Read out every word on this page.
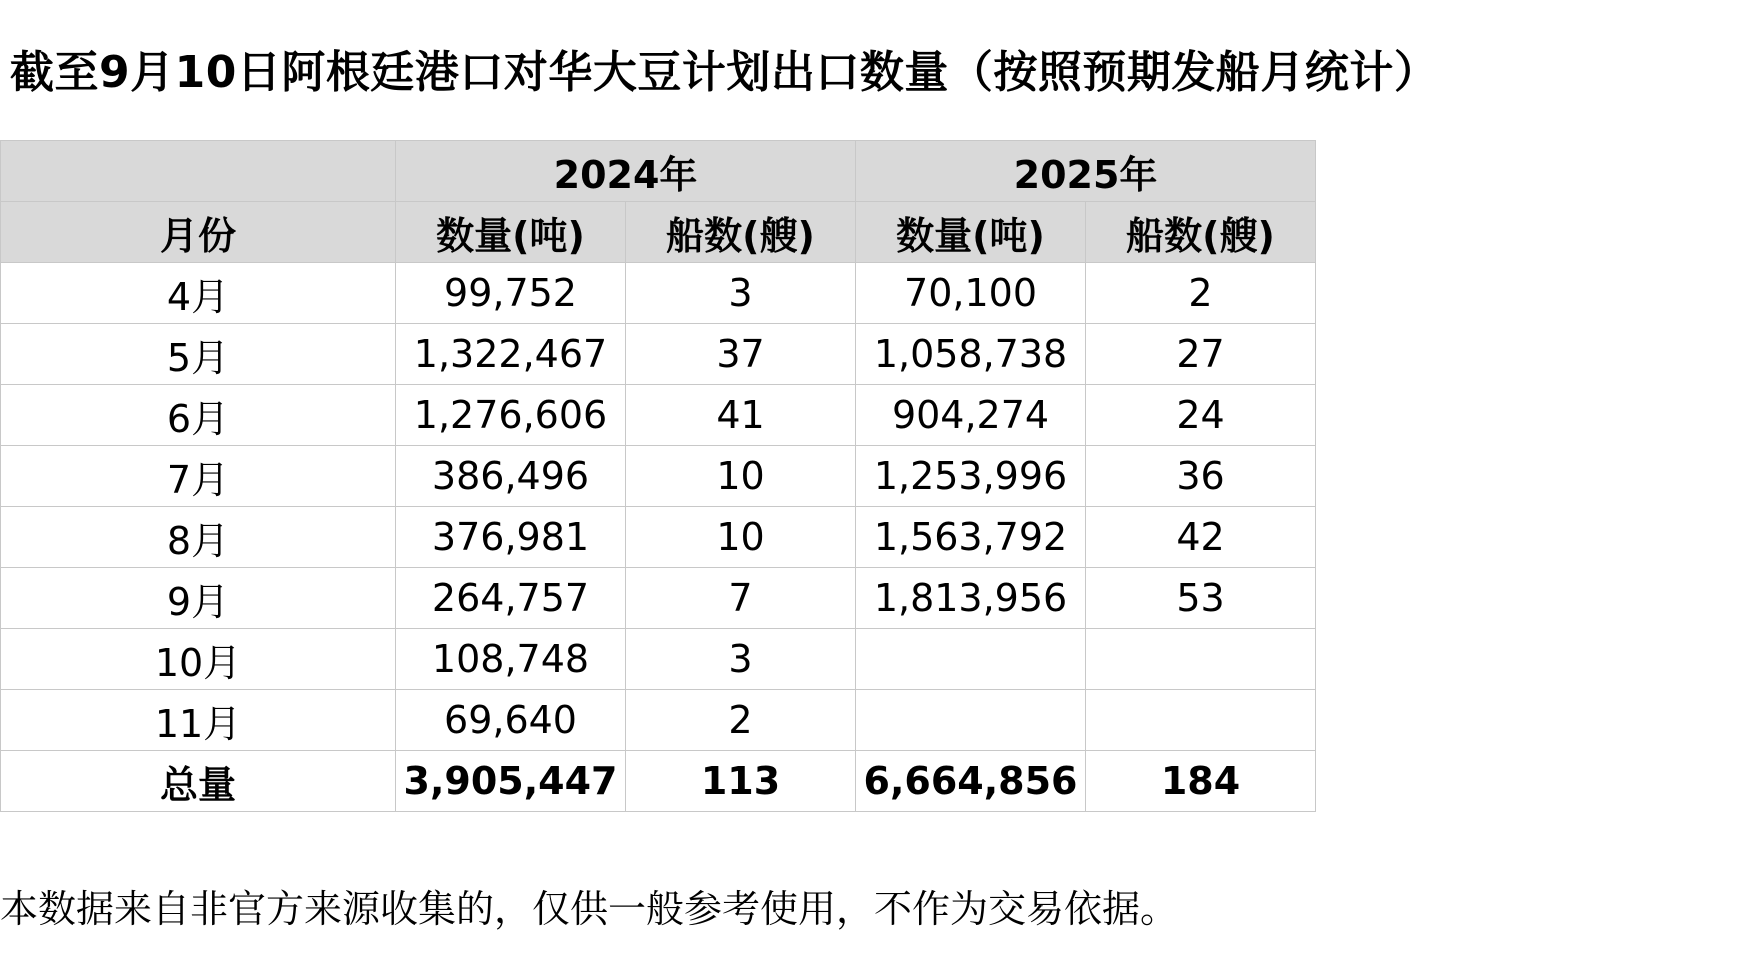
截至9月10日阿根廷港口对华大豆计划出口数量（按照预期发船月统计）
	2024年		2025年	
月份	数量(吨)	船数(艘)	数量(吨)	船数(艘)
4月	99,752	3	70,100	2
5月	1,322,467	37	1,058,738	27
6月	1,276,606	41	904,274	24
7月	386,496	10	1,253,996	36
8月	376,981	10	1,563,792	42
9月	264,757	7	1,813,956	53
10月	108,748	3		
11月	69,640	2		
总量	3,905,447	113	6,664,856	184
本数据来自非官方来源收集的，仅供一般参考使用，不作为交易依据。
